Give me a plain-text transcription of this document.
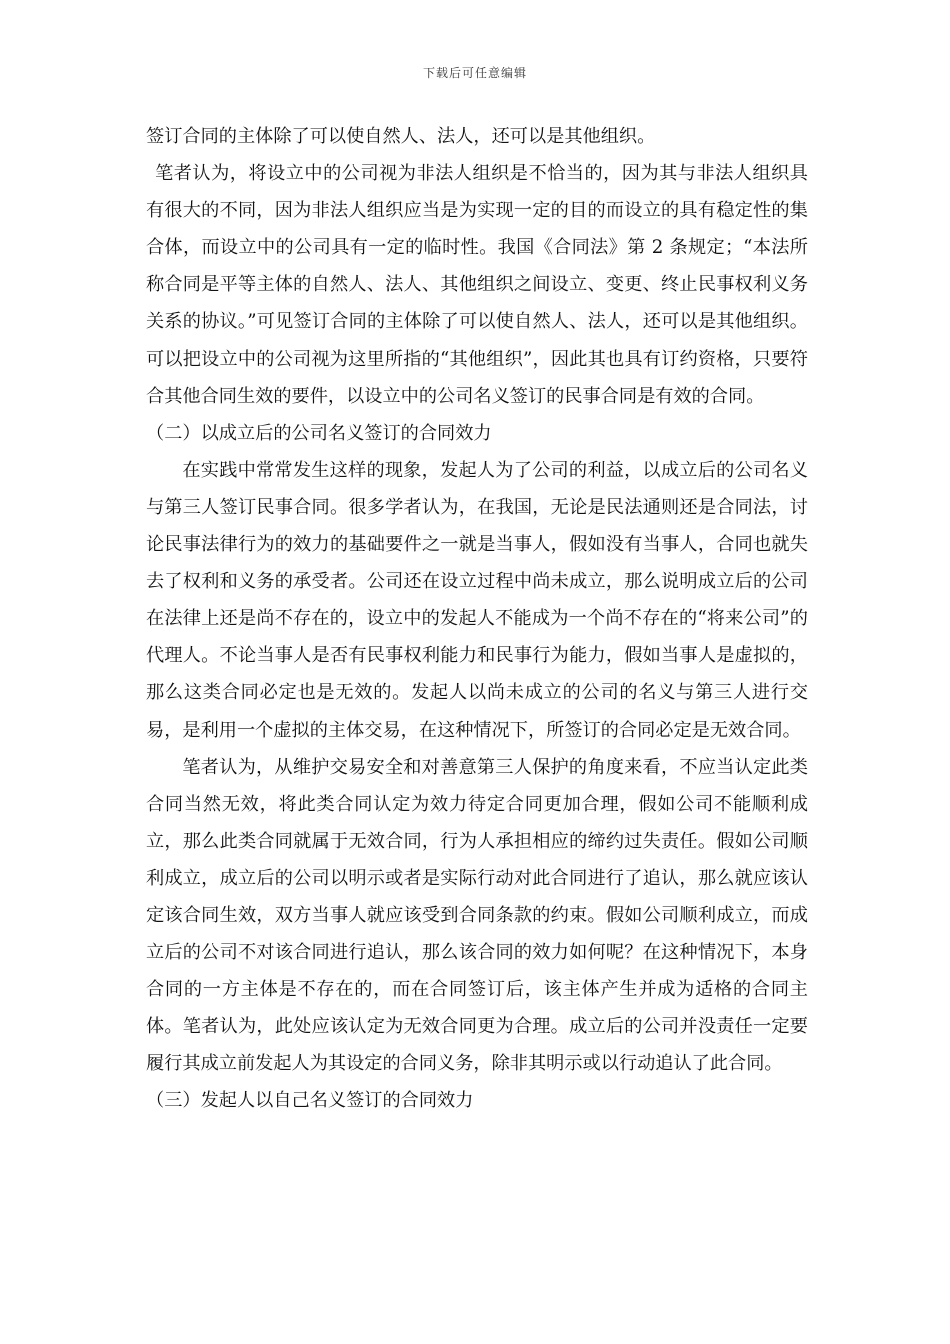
下载后可任意编辑

签订合同的主体除了可以使自然人、法人，还可以是其他组织。

笔者认为，将设立中的公司视为非法人组织是不恰当的，因为其与非法人组织具有很大的不同，因为非法人组织应当是为实现一定的目的而设立的具有稳定性的集合体，而设立中的公司具有一定的临时性。我国《合同法》第 2 条规定；“本法所称合同是平等主体的自然人、法人、其他组织之间设立、变更、终止民事权利义务关系的协议。”可见签订合同的主体除了可以使自然人、法人，还可以是其他组织。可以把设立中的公司视为这里所指的“其他组织”，因此其也具有订约资格，只要符合其他合同生效的要件，以设立中的公司名义签订的民事合同是有效的合同。

（二）以成立后的公司名义签订的合同效力

在实践中常常发生这样的现象，发起人为了公司的利益，以成立后的公司名义与第三人签订民事合同。很多学者认为，在我国，无论是民法通则还是合同法，讨论民事法律行为的效力的基础要件之一就是当事人，假如没有当事人，合同也就失去了权利和义务的承受者。公司还在设立过程中尚未成立，那么说明成立后的公司在法律上还是尚不存在的，设立中的发起人不能成为一个尚不存在的“将来公司”的代理人。不论当事人是否有民事权利能力和民事行为能力，假如当事人是虚拟的，那么这类合同必定也是无效的。发起人以尚未成立的公司的名义与第三人进行交易，是利用一个虚拟的主体交易，在这种情况下，所签订的合同必定是无效合同。

笔者认为，从维护交易安全和对善意第三人保护的角度来看，不应当认定此类合同当然无效，将此类合同认定为效力待定合同更加合理，假如公司不能顺利成立，那么此类合同就属于无效合同，行为人承担相应的缔约过失责任。假如公司顺利成立，成立后的公司以明示或者是实际行动对此合同进行了追认，那么就应该认定该合同生效，双方当事人就应该受到合同条款的约束。假如公司顺利成立，而成立后的公司不对该合同进行追认，那么该合同的效力如何呢？在这种情况下，本身合同的一方主体是不存在的，而在合同签订后，该主体产生并成为适格的合同主体。笔者认为，此处应该认定为无效合同更为合理。成立后的公司并没责任一定要履行其成立前发起人为其设定的合同义务，除非其明示或以行动追认了此合同。

（三）发起人以自己名义签订的合同效力
